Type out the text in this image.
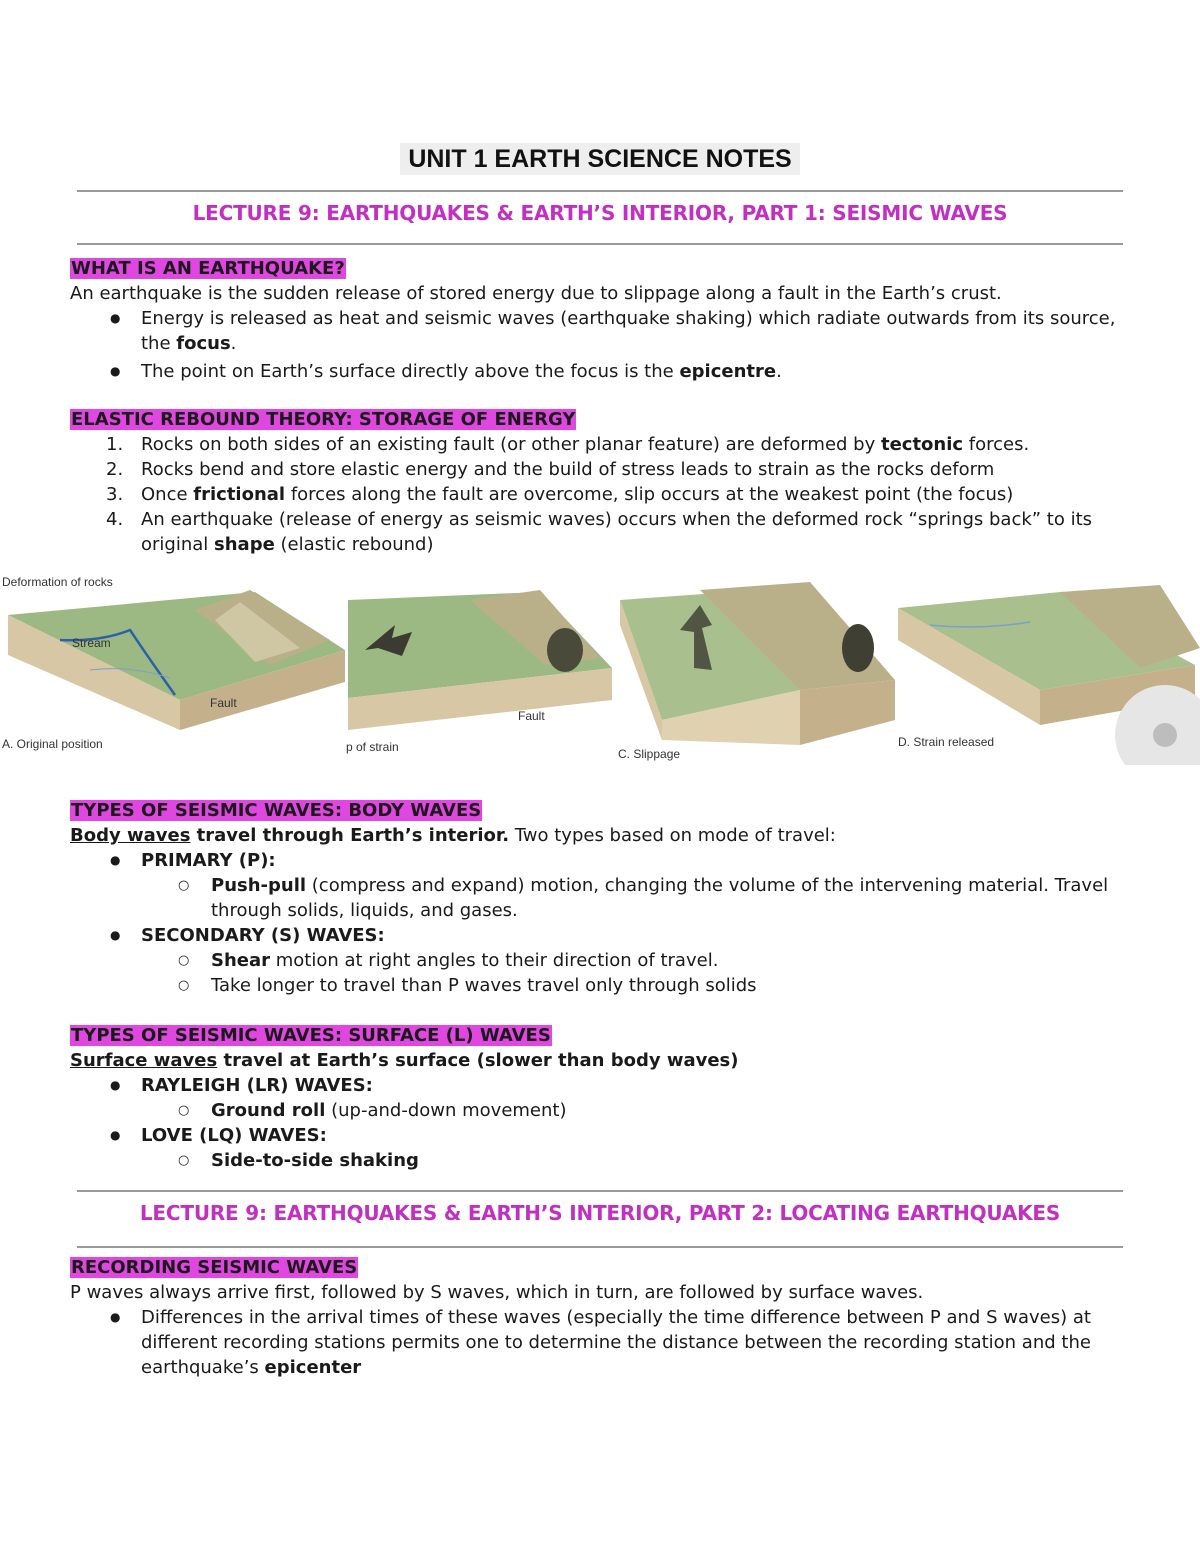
UNIT 1 EARTH SCIENCE NOTES
LECTURE 9: EARTHQUAKES & EARTH’S INTERIOR, PART 1: SEISMIC WAVES

WHAT IS AN EARTHQUAKE?

An earthquake is the sudden release of stored energy due to slippage along a fault in the Earth’s crust.

● Energy is released as heat and seismic waves (earthquake shaking) which radiate outwards from its source, the focus.
● The point on Earth’s surface directly above the focus is the epicentre.

ELASTIC REBOUND THEORY: STORAGE OF ENERGY

1. Rocks on both sides of an existing fault (or other planar feature) are deformed by tectonic forces.
2. Rocks bend and store elastic energy and the build of stress leads to strain as the rocks deform
3. Once frictional forces along the fault are overcome, slip occurs at the weakest point (the focus)
4. An earthquake (release of energy as seismic waves) occurs when the deformed rock “springs back” to its original shape (elastic rebound)
Deformation of rocks
Stream
Fault
A. Original position
Fault
p of strain	C. Slippage
D. Strain released

TYPES OF SEISMIC WAVES: BODY WAVES

Body waves travel through Earth’s interior. Two types based on mode of travel:

● PRIMARY (P):
○ Push-pull (compress and expand) motion, changing the volume of the intervening material. Travel through solids, liquids, and gases.
● SECONDARY (S) WAVES:
○ Shear motion at right angles to their direction of travel.
○ Take longer to travel than P waves travel only through solids

TYPES OF SEISMIC WAVES: SURFACE (L) WAVES

Surface waves travel at Earth’s surface (slower than body waves)

● RAYLEIGH (LR) WAVES:
○ Ground roll (up-and-down movement)
● LOVE (LQ) WAVES:
○ Side-to-side shaking
LECTURE 9: EARTHQUAKES & EARTH’S INTERIOR, PART 2: LOCATING EARTHQUAKES

RECORDING SEISMIC WAVES

P waves always arrive first, followed by S waves, which in turn, are followed by surface waves.

● Differences in the arrival times of these waves (especially the time difference between P and S waves) at different recording stations permits one to determine the distance between the recording station and the earthquake’s epicenter
